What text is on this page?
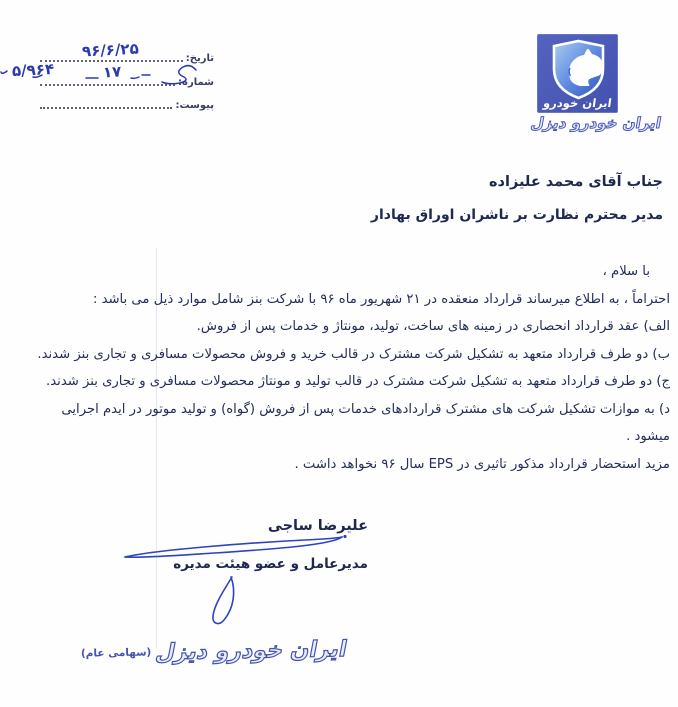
تاریخ:
شماره:
پیوست:
۹۶/۶/۲۵
۱۷
۵/۹۶۴
ایران خودرو
ایران خودرو دیزل
جناب آقای محمد علیزاده
مدیر محترم نظارت بر ناشران اوراق بهادار
با سلام ،
احتراماً ، به اطلاع میرساند قرارداد منعقده در ۲۱ شهریور ماه ۹۶ با شرکت بنز شامل موارد ذیل می باشد :
الف) عقد قرارداد انحصاری در زمینه های ساخت، تولید، مونتاژ و خدمات پس از فروش.
ب) دو طرف قرارداد متعهد به تشکیل شرکت مشترک در قالب خرید و فروش محصولات مسافری و تجاری بنز شدند.
ج) دو طرف قرارداد متعهد به تشکیل شرکت مشترک در قالب تولید و مونتاژ محصولات مسافری و تجاری بنز شدند.
د) به موازات تشکیل شرکت های مشترک قراردادهای خدمات پس از فروش (گواه) و تولید موتور در ایدم اجرایی
میشود .
مزید استحضار قرارداد مذکور تاثیری در EPS سال ۹۶ نخواهد داشت .
علیرضا ساجی
مدیرعامل و عضو هیئت مدیره
ایران خودرو دیزل
(سهامی عام)
